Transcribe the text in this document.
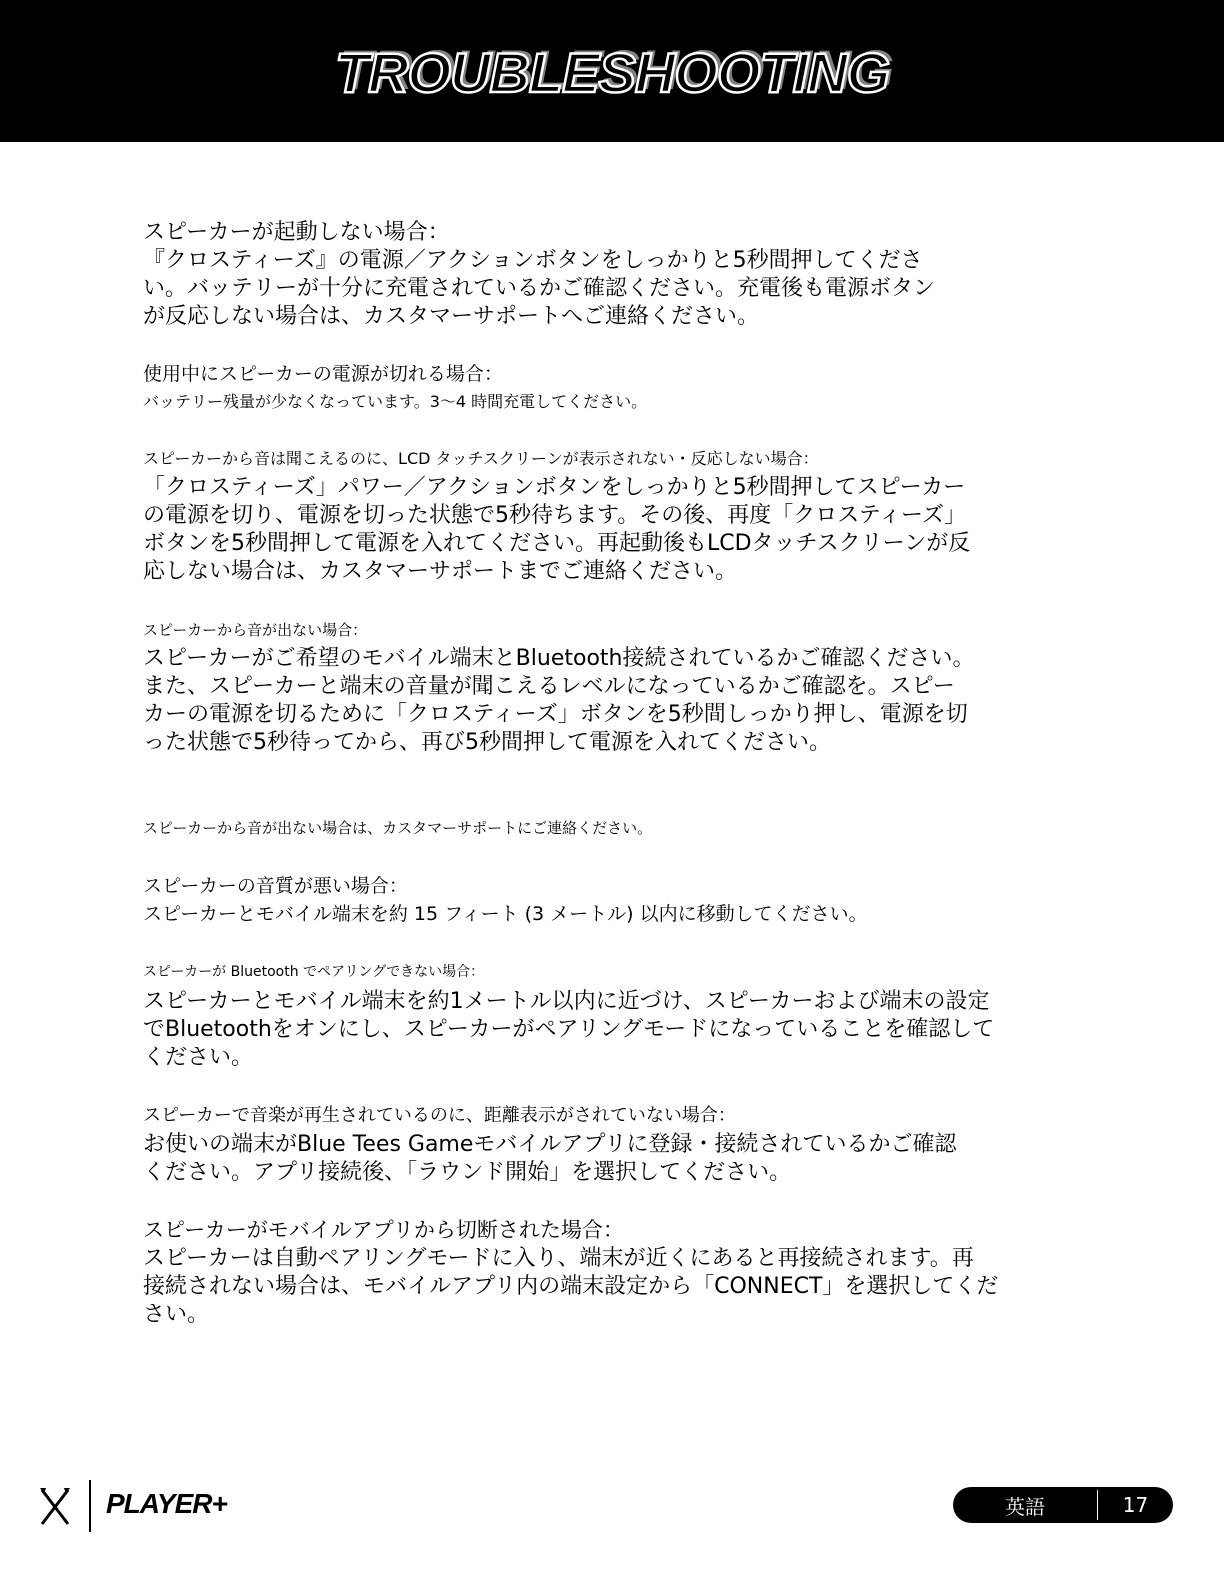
TROUBLESHOOTING
スピーカーが起動しない場合：
『クロスティーズ』の電源／アクションボタンをしっかりと5秒間押してくださ
い。バッテリーが十分に充電されているかご確認ください。充電後も電源ボタン
が反応しない場合は、カスタマーサポートへご連絡ください。
使用中にスピーカーの電源が切れる場合：
バッテリー残量が少なくなっています。3〜4 時間充電してください。
スピーカーから音は聞こえるのに、LCD タッチスクリーンが表示されない・反応しない場合：
「クロスティーズ」パワー／アクションボタンをしっかりと5秒間押してスピーカー
の電源を切り、電源を切った状態で5秒待ちます。その後、再度「クロスティーズ」
ボタンを5秒間押して電源を入れてください。再起動後もLCDタッチスクリーンが反
応しない場合は、カスタマーサポートまでご連絡ください。
スピーカーから音が出ない場合：
スピーカーがご希望のモバイル端末とBluetooth接続されているかご確認ください。
また、スピーカーと端末の音量が聞こえるレベルになっているかご確認を。スピー
カーの電源を切るために「クロスティーズ」ボタンを5秒間しっかり押し、電源を切
った状態で5秒待ってから、再び5秒間押して電源を入れてください。
スピーカーから音が出ない場合は、カスタマーサポートにご連絡ください。
スピーカーの音質が悪い場合：
スピーカーとモバイル端末を約 15 フィート (3 メートル) 以内に移動してください。
スピーカーが Bluetooth でペアリングできない場合：
スピーカーとモバイル端末を約1メートル以内に近づけ、スピーカーおよび端末の設定
でBluetoothをオンにし、スピーカーがペアリングモードになっていることを確認して
ください。
スピーカーで音楽が再生されているのに、距離表示がされていない場合：
お使いの端末がBlue Tees Gameモバイルアプリに登録・接続されているかご確認
ください。アプリ接続後、「ラウンド開始」を選択してください。
スピーカーがモバイルアプリから切断された場合：
スピーカーは自動ペアリングモードに入り、端末が近くにあると再接続されます。再
接続されない場合は、モバイルアプリ内の端末設定から「CONNECT」を選択してくだ
さい。
PLAYER+	英語	17
